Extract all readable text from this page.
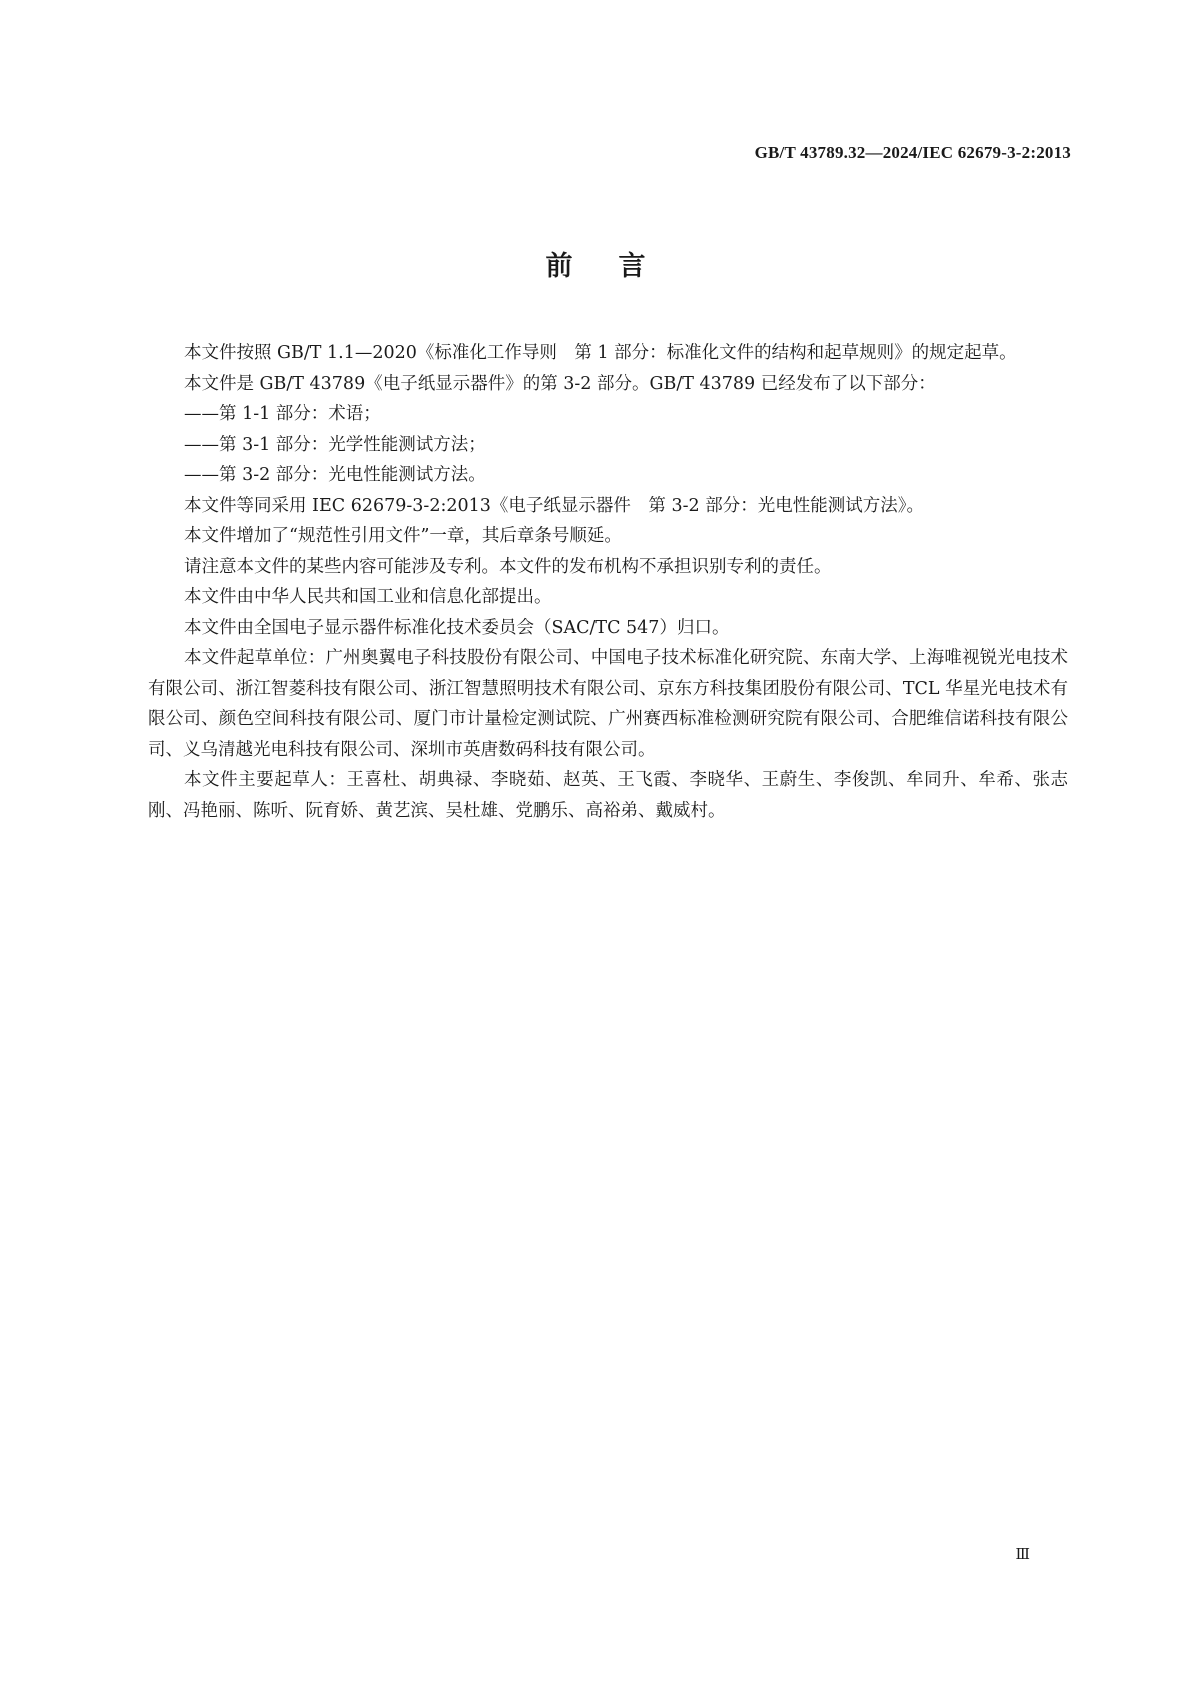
GB/T 43789.32—2024/IEC 62679-3-2:2013
前言

本文件按照 GB/T 1.1—2020《标准化工作导则　第 1 部分：标准化文件的结构和起草规则》的规定起草。

本文件是 GB/T 43789《电子纸显示器件》的第 3-2 部分。GB/T 43789 已经发布了以下部分：

——第 1-1 部分：术语；

——第 3-1 部分：光学性能测试方法；

——第 3-2 部分：光电性能测试方法。

本文件等同采用 IEC 62679-3-2:2013《电子纸显示器件　第 3-2 部分：光电性能测试方法》。

本文件增加了“规范性引用文件”一章，其后章条号顺延。

请注意本文件的某些内容可能涉及专利。本文件的发布机构不承担识别专利的责任。

本文件由中华人民共和国工业和信息化部提出。

本文件由全国电子显示器件标准化技术委员会（SAC/TC 547）归口。

本文件起草单位：广州奥翼电子科技股份有限公司、中国电子技术标准化研究院、东南大学、上海唯视锐光电技术有限公司、浙江智菱科技有限公司、浙江智慧照明技术有限公司、京东方科技集团股份有限公司、TCL 华星光电技术有限公司、颜色空间科技有限公司、厦门市计量检定测试院、广州赛西标准检测研究院有限公司、合肥维信诺科技有限公司、义乌清越光电科技有限公司、深圳市英唐数码科技有限公司。

本文件主要起草人：王喜杜、胡典禄、李晓茹、赵英、王飞霞、李晓华、王蔚生、李俊凯、牟同升、牟希、张志刚、冯艳丽、陈听、阮育娇、黄艺滨、吴杜雄、党鹏乐、高裕弟、戴威村。

Ⅲ
